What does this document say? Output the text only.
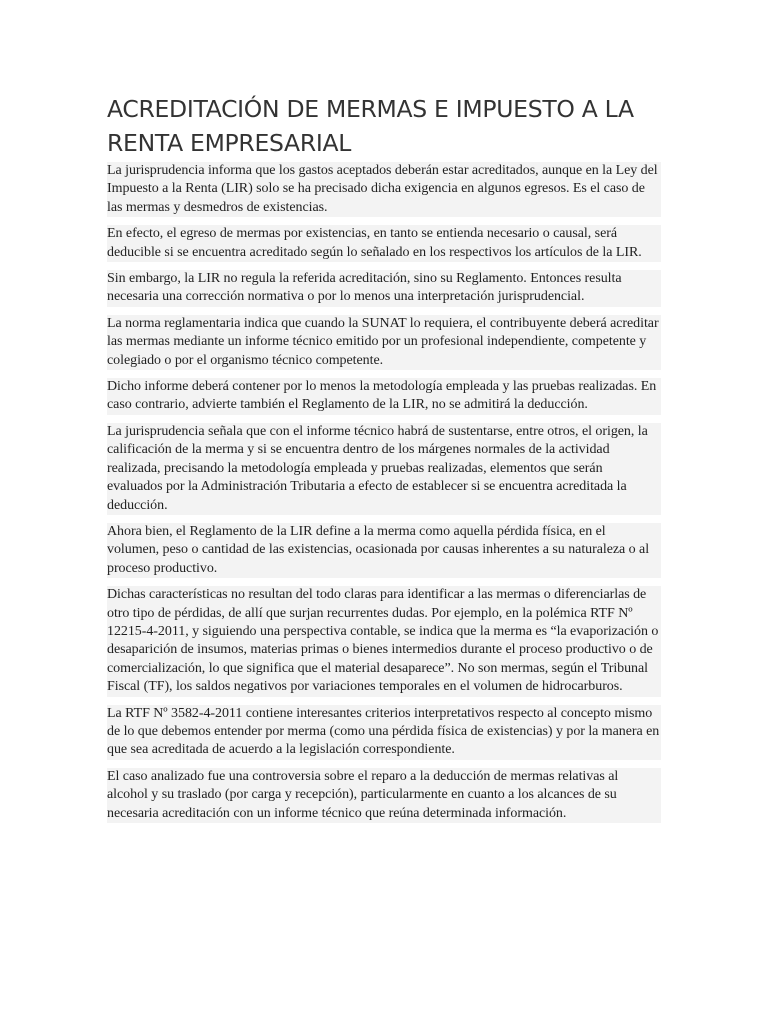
ACREDITACIÓN DE MERMAS E IMPUESTO A LA RENTA EMPRESARIAL

La jurisprudencia informa que los gastos aceptados deberán estar acreditados, aunque en la Ley del Impuesto a la Renta (LIR) solo se ha precisado dicha exigencia en algunos egresos. Es el caso de las mermas y desmedros de existencias.

En efecto, el egreso de mermas por existencias, en tanto se entienda necesario o causal, será deducible si se encuentra acreditado según lo señalado en los respectivos los artículos de la LIR.

Sin embargo, la LIR no regula la referida acreditación, sino su Reglamento. Entonces resulta necesaria una corrección normativa o por lo menos una interpretación jurisprudencial.

La norma reglamentaria indica que cuando la SUNAT lo requiera, el contribuyente deberá acreditar las mermas mediante un informe técnico emitido por un profesional independiente, competente y colegiado o por el organismo técnico competente.

Dicho informe deberá contener por lo menos la metodología empleada y las pruebas realizadas. En caso contrario, advierte también el Reglamento de la LIR, no se admitirá la deducción.

La jurisprudencia señala que con el informe técnico habrá de sustentarse, entre otros, el origen, la calificación de la merma y si se encuentra dentro de los márgenes normales de la actividad realizada, precisando la metodología empleada y pruebas realizadas, elementos que serán evaluados por la Administración Tributaria a efecto de establecer si se encuentra acreditada la deducción.

Ahora bien, el Reglamento de la LIR define a la merma como aquella pérdida física, en el volumen, peso o cantidad de las existencias, ocasionada por causas inherentes a su naturaleza o al proceso productivo.

Dichas características no resultan del todo claras para identificar a las mermas o diferenciarlas de otro tipo de pérdidas, de allí que surjan recurrentes dudas. Por ejemplo, en la polémica RTF Nº 12215-4-2011, y siguiendo una perspectiva contable, se indica que la merma es “la evaporización o desaparición de insumos, materias primas o bienes intermedios durante el proceso productivo o de comercialización, lo que significa que el material desaparece”. No son mermas, según el Tribunal Fiscal (TF), los saldos negativos por variaciones temporales en el volumen de hidrocarburos.

La RTF Nº 3582-4-2011 contiene interesantes criterios interpretativos respecto al concepto mismo de lo que debemos entender por merma (como una pérdida física de existencias) y por la manera en que sea acreditada de acuerdo a la legislación correspondiente.

El caso analizado fue una controversia sobre el reparo a la deducción de mermas relativas al alcohol y su traslado (por carga y recepción), particularmente en cuanto a los alcances de su necesaria acreditación con un informe técnico que reúna determinada información.
